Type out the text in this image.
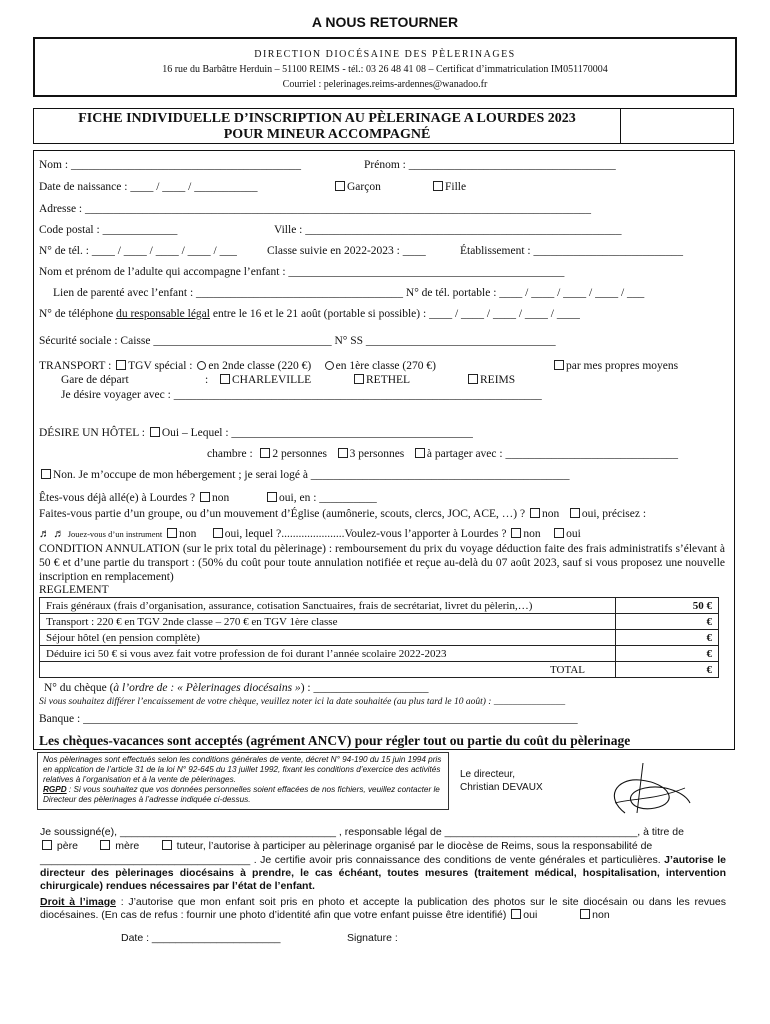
A NOUS RETOURNER
DIRECTION DIOCÉSAINE DES PÈLERINAGES
16 rue du Barbâtre Herduin – 51100 REIMS - tél.: 03 26 48 41 08 – Certificat d’immatriculation IM051170004
Courriel : pelerinages.reims-ardennes@wanadoo.fr
FICHE INDIVIDUELLE D’INSCRIPTION AU PÈLERINAGE A LOURDES 2023
POUR MINEUR ACCOMPAGNÉ
Nom : ________________________________________	Prénom : ____________________________________
Date de naissance : ____ / ____ / ___________	Garçon	Fille
Adresse : ________________________________________________________________________________________
Code postal : _____________	Ville : _______________________________________________________
N° de tél. : ____ / ____ / ____ / ____ / ___	Classe suivie en 2022-2023 : ____	Établissement : __________________________
Nom et prénom de l’adulte qui accompagne l’enfant : ________________________________________________
Lien de parenté avec l’enfant : ____________________________________ N° de tél. portable : ____ / ____ / ____ / ____ / ___
N° de téléphone du responsable légal entre le 16 et le 21 août (portable si possible) : ____ / ____ / ____ / ____ / ____
Sécurité sociale : Caisse _______________________________ N° SS _________________________________
TRANSPORT : TGV spécial : en 2nde classe (220 €) en 1ère classe (270 €)	par mes propres moyens
Gare de départ	:	CHARLEVILLE	RETHEL	REIMS
Je désire voyager avec : ________________________________________________________________
DÉSIRE UN HÔTEL : Oui – Lequel : __________________________________________
chambre : 2 personnes 3 personnes à partager avec : ______________________________
Non. Je m’occupe de mon hébergement ; je serai logé à _____________________________________________
Êtes-vous déjà allé(e) à Lourdes ? non	oui, en : __________
Faites-vous partie d’un groupe, ou d’un mouvement d’Église (aumônerie, scouts, clercs, JOC, ACE, …) ? non oui, précisez :
♬ ♬ Jouez-vous d’un instrument non oui, lequel ?......................Voulez-vous l’apporter à Lourdes ? non oui
CONDITION ANNULATION (sur le prix total du pèlerinage) : remboursement du prix du voyage déduction faite des frais administratifs s’élevant à 50 € et d’une partie du transport : (50% du coût pour toute annulation notifiée et reçue au-delà du 07 août 2023, sauf si vous proposez une nouvelle inscription en remplacement)
REGLEMENT
Frais généraux (frais d’organisation, assurance, cotisation Sanctuaires, frais de secrétariat, livret du pèlerin,…)	50 €
Transport : 220 € en TGV 2nde classe – 270 € en TGV 1ère classe	€
Séjour hôtel (en pension complète)	€
Déduire ici 50 € si vous avez fait votre profession de foi durant l’année scolaire 2022-2023	€
TOTAL	€
N° du chèque (à l’ordre de : « Pèlerinages diocésains ») : ____________________
Si vous souhaitez différer l’encaissement de votre chèque, veuillez noter ici la date souhaitée (au plus tard le 10 août) : _______________
Banque : ______________________________________________________________________________________
Les chèques-vacances sont acceptés (agrément ANCV) pour régler tout ou partie du coût du pèlerinage
Nos pèlerinages sont effectués selon les conditions générales de vente, décret N° 94-190 du 15 juin 1994 pris en application de l’article 31 de la loi N° 92-645 du 13 juillet 1992, fixant les conditions d’exercice des activités relatives à l’organisation et à la vente de pèlerinages.
RGPD : Si vous souhaitez que vos données personnelles soient effacées de nos fichiers, veuillez contacter le Directeur des pèlerinages à l’adresse indiquée ci-dessus.
Le directeur,
Christian DEVAUX
Je soussigné(e), _____________________________________ , responsable légal de _________________________________, à titre de
père	mère	tuteur, l’autorise à participer au pèlerinage organisé par le diocèse de Reims, sous la responsabilité de
____________________________________ . Je certifie avoir pris connaissance des conditions de vente générales et particulières. J’autorise le directeur des pèlerinages diocésains à prendre, le cas échéant, toutes mesures (traitement médical, hospitalisation, intervention chirurgicale) rendues nécessaires par l’état de l’enfant.
Droit à l’image : J’autorise que mon enfant soit pris en photo et accepte la publication des photos sur le site diocésain ou dans les revues diocésaines. (En cas de refus : fournir une photo d’identité afin que votre enfant puisse être identifié) oui	non
Date : ______________________	Signature :
